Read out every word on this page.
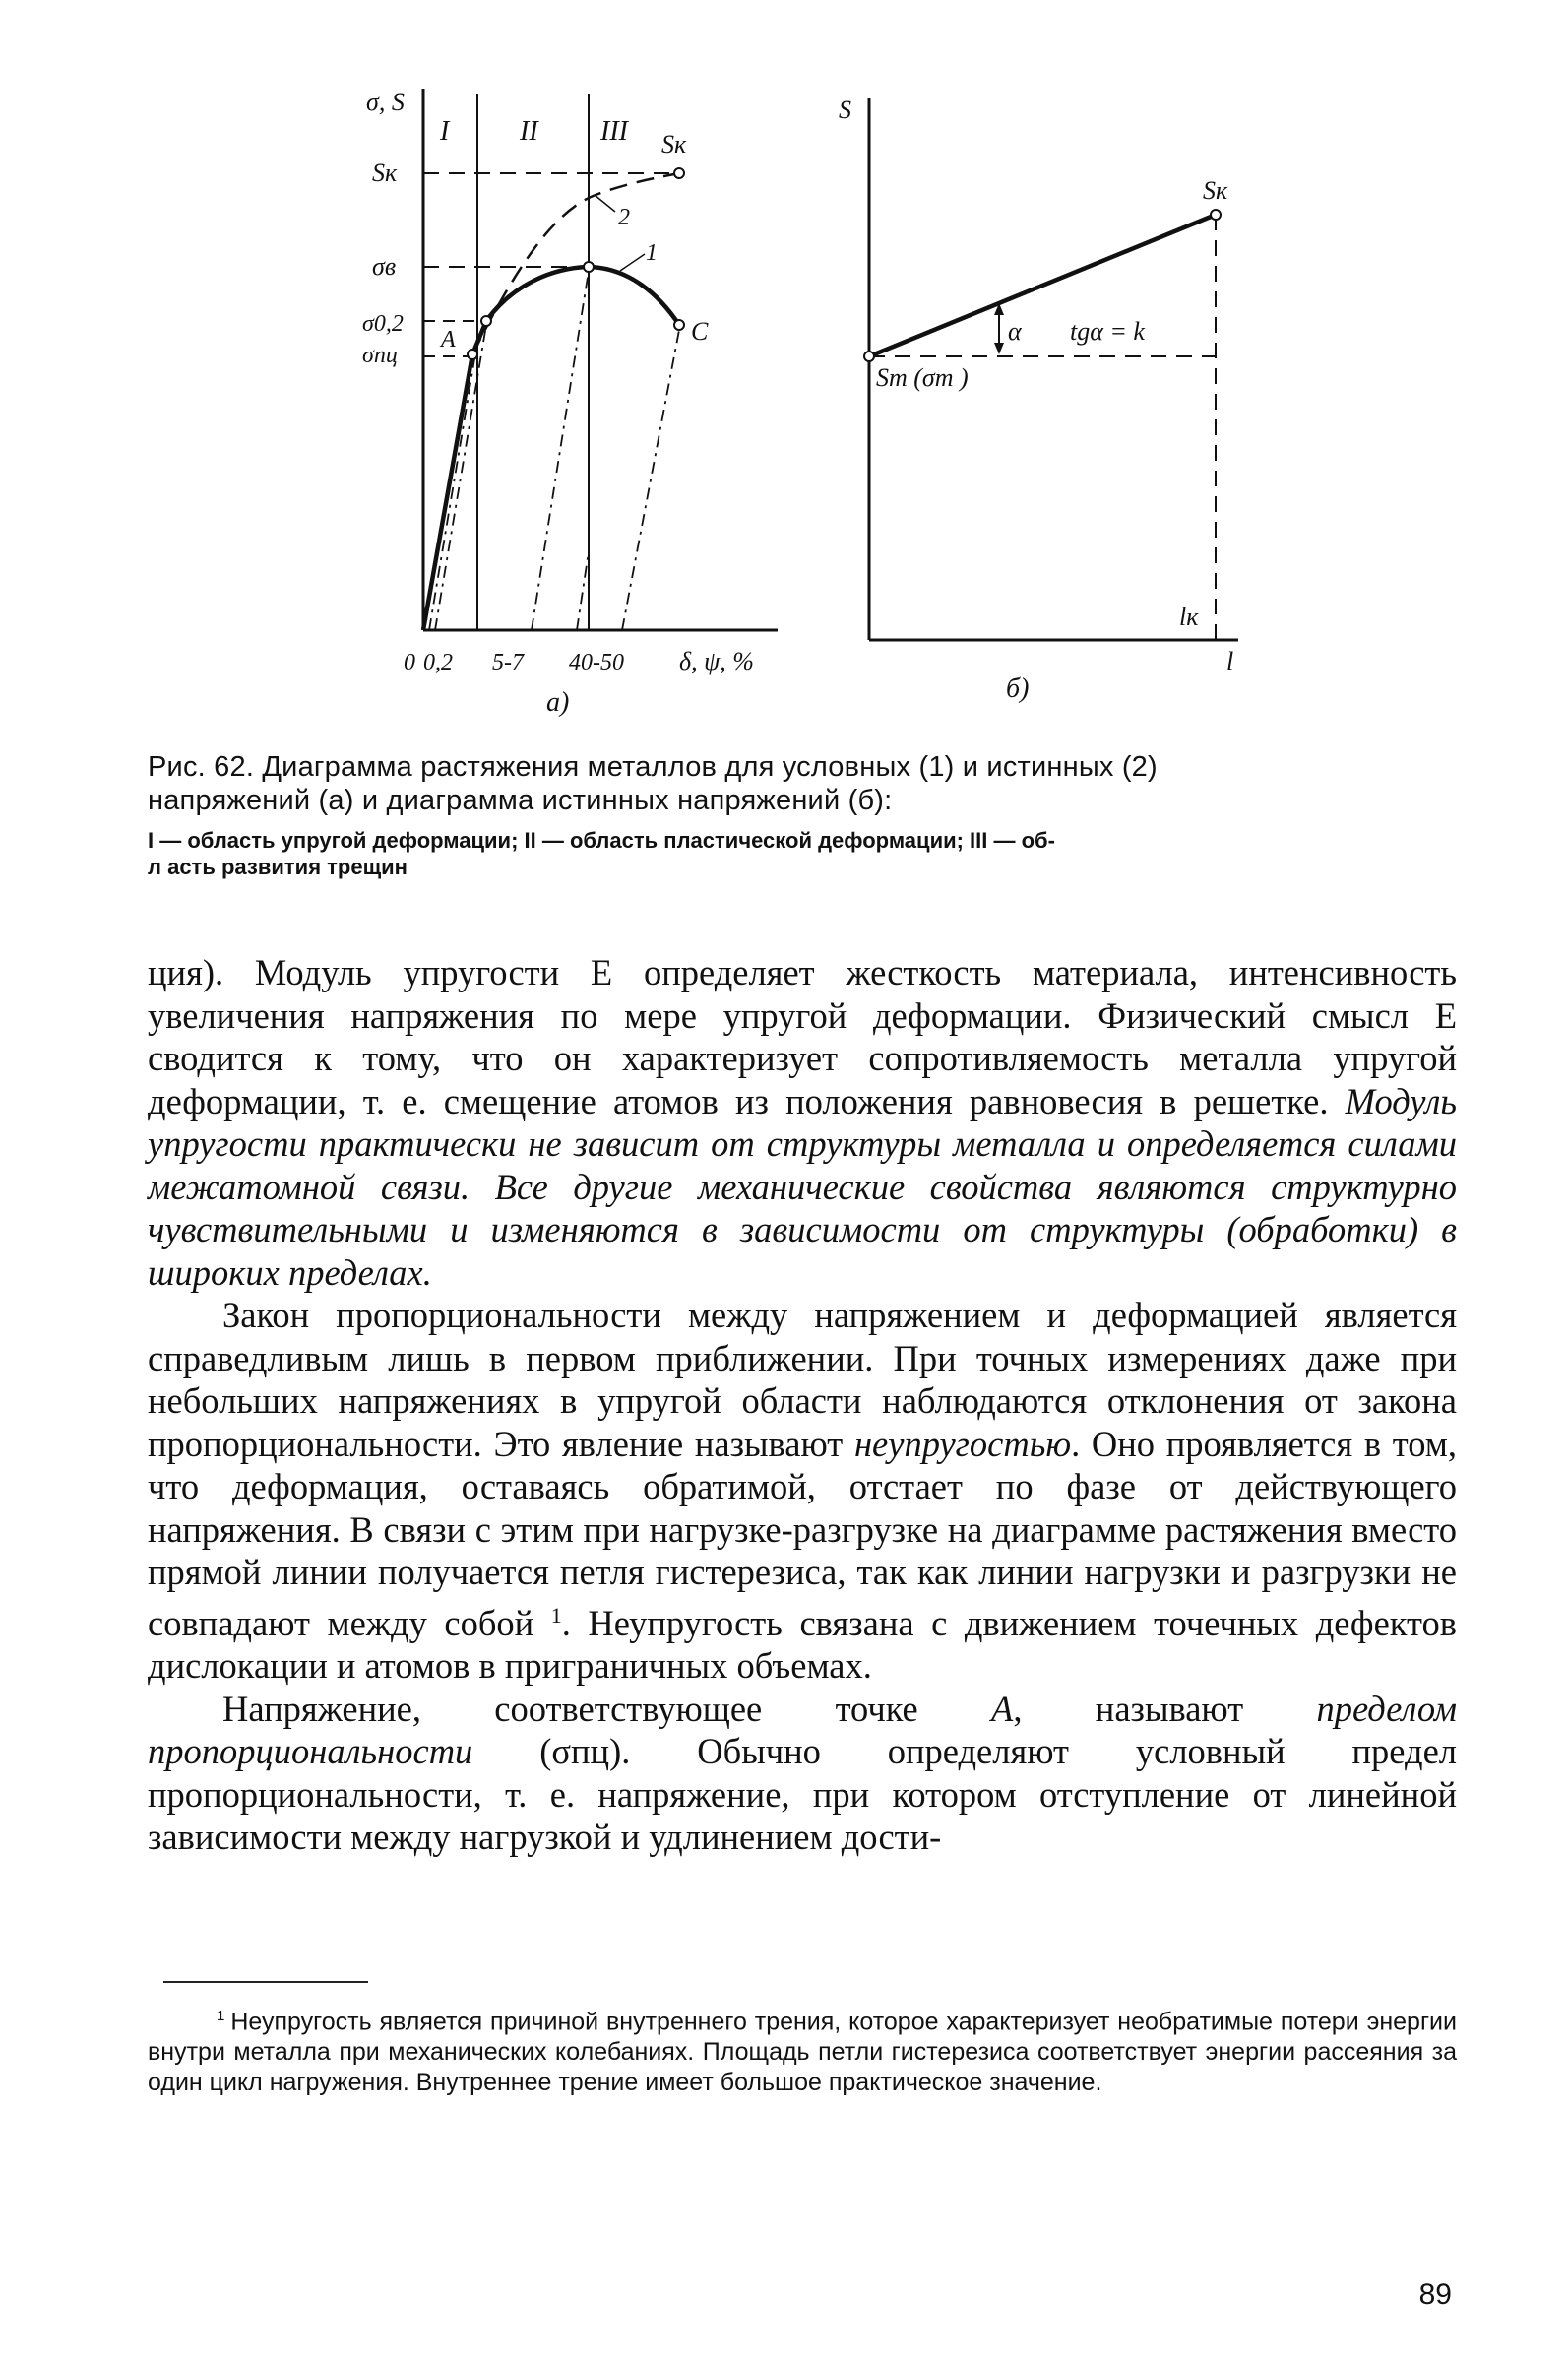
σ, S
I	II III Sк
Sк
σв
σ0,2
σпц
A	C
2
1
0 0,2 5-7 40-50 δ, ψ, %
а)
S
Sк
Sт (σт )
α tgα = k
lк
l
б)
Рис. 62. Диаграмма растяжения металлов для условных (1) и истинных (2)
напряжений (а) и диаграмма истинных напряжений (б):
I — область упругой деформации; II — область пластической деформации; III — об-
л асть развития трещин

ция). Модуль упругости E определяет жесткость материала, интенсивность увеличения напряжения по мере упругой деформации. Физический смысл E сводится к тому, что он характеризует сопротивляемость металла упругой деформации, т. е. смещение атомов из положения равновесия в решетке. Модуль упругости практически не зависит от структуры металла и определяется силами межатомной связи. Все другие механические свойства являются структурно чувствительными и изменяются в зависимости от структуры (обработки) в широких пределах.

Закон пропорциональности между напряжением и деформацией является справедливым лишь в первом приближении. При точных измерениях даже при небольших напряжениях в упругой области наблюдаются отклонения от закона пропорциональности. Это явление называют неупругостью. Оно проявляется в том, что деформация, оставаясь обратимой, отстает по фазе от действующего напряжения. В связи с этим при нагрузке-разгрузке на диаграмме растяжения вместо прямой линии получается петля гистерезиса, так как линии нагрузки и разгрузки не совпадают между собой $^1$. Неупругость связана с движением точечных дефектов дислокации и атомов в приграничных объемах.

Напряжение, соответствующее точке A, называют пределом пропорциональности (σпц). Обычно определяют условный предел пропорциональности, т. е. напряжение, при котором отступление от линейной зависимости между нагрузкой и удлинением дости-

$^1$ Неупругость является причиной внутреннего трения, которое характеризует необратимые потери энергии внутри металла при механических колебаниях. Площадь петли гистерезиса соответствует энергии рассеяния за один цикл нагружения. Внутреннее трение имеет большое практическое значение.
89
